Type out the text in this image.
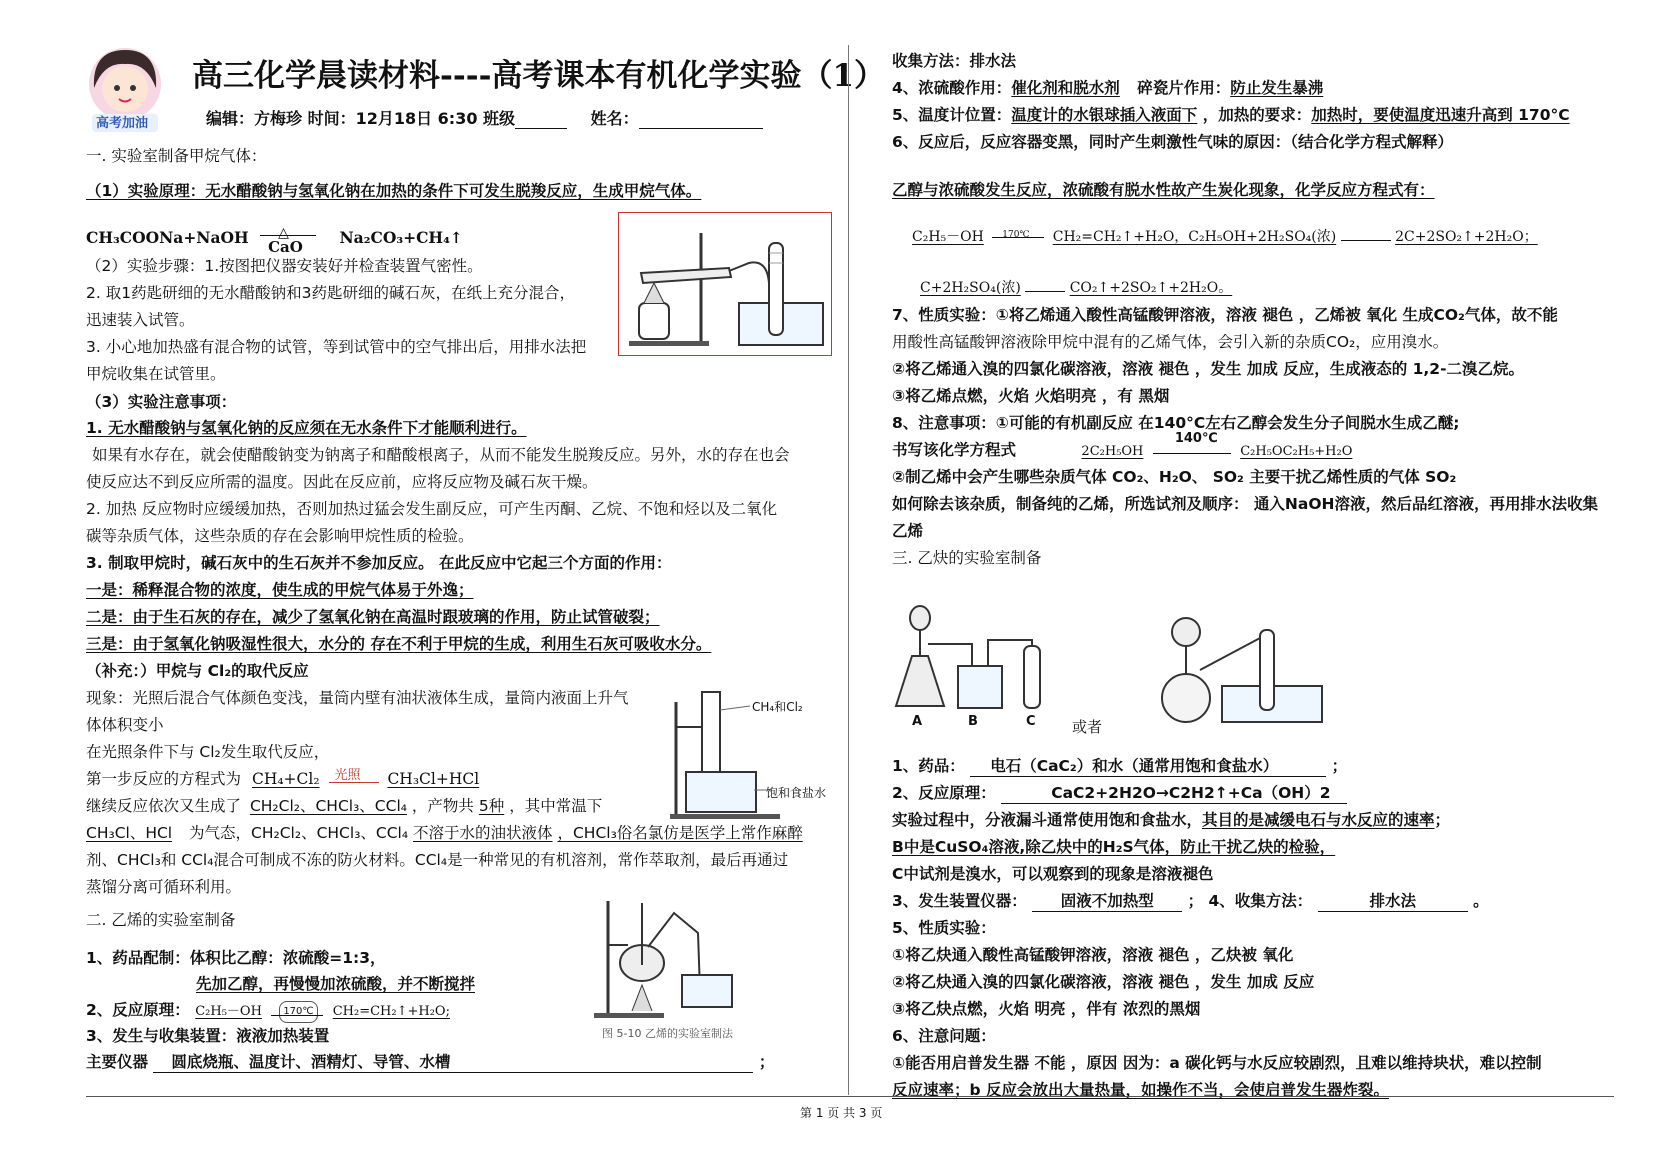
高考加油
高三化学晨读材料----高考课本有机化学实验（1）
编辑：方梅珍 时间：12月18日 6:30 班级	姓名：
一. 实验室制备甲烷气体：
（1）实验原理：无水醋酸钠与氢氧化钠在加热的条件下可发生脱羧反应，生成甲烷气体。
CH₃COONa+NaOH △
CaO Na₂CO₃+CH₄↑
（2）实验步骤：1.按图把仪器安装好并检查装置气密性。
2. 取1药匙研细的无水醋酸钠和3药匙研细的碱石灰，在纸上充分混合，
迅速装入试管。
3. 小心地加热盛有混合物的试管，等到试管中的空气排出后，用排水法把
甲烷收集在试管里。
（3）实验注意事项：
1. 无水醋酸钠与氢氧化钠的反应须在无水条件下才能顺利进行。
如果有水存在，就会使醋酸钠变为钠离子和醋酸根离子，从而不能发生脱羧反应。另外，水的存在也会
使反应达不到反应所需的温度。因此在反应前，应将反应物及碱石灰干燥。
2. 加热 反应物时应缓缓加热，否则加热过猛会发生副反应，可产生丙酮、乙烷、不饱和烃以及二氧化
碳等杂质气体，这些杂质的存在会影响甲烷性质的检验。
3. 制取甲烷时，碱石灰中的生石灰并不参加反应。 在此反应中它起三个方面的作用：
一是：稀释混合物的浓度，使生成的甲烷气体易于外逸；
二是：由于生石灰的存在，减少了氢氧化钠在高温时跟玻璃的作用，防止试管破裂；
三是：由于氢氧化钠吸湿性很大，水分的 存在不利于甲烷的生成，利用生石灰可吸收水分。
（补充：）甲烷与 Cl₂的取代反应
现象：光照后混合气体颜色变浅，量筒内壁有油状液体生成，量筒内液面上升气
体体积变小
在光照条件下与 Cl₂发生取代反应，
第一步反应的方程式为 CH₄+Cl₂ 光照 CH₃Cl+HCl
继续反应依次又生成了 CH₂Cl₂、CHCl₃、CCl₄ ，产物共 5种 ，其中常温下
CH₃Cl、HCl 为气态，CH₂Cl₂、CHCl₃、CCl₄ 不溶于水的油状液体 ，CHCl₃俗名氯仿是医学上常作麻醉
剂、CHCl₃和 CCl₄混合可制成不冻的防火材料。CCl₄是一种常见的有机溶剂，常作萃取剂，最后再通过
蒸馏分离可循环利用。
CH₄和Cl₂
饱和食盐水
二. 乙烯的实验室制备
1、药品配制：体积比乙醇：浓硫酸=1:3，
先加乙醇，再慢慢加浓硫酸，并不断搅拌
2、反应原理： C₂H₅－OH	170℃	CH₂=CH₂↑+H₂O;
3、发生与收集装置：液液加热装置
主要仪器 圆底烧瓶、温度计、酒精灯、导管、水槽	；
图 5-10 乙烯的实验室制法
收集方法：排水法
4、浓硫酸作用：催化剂和脱水剂 碎瓷片作用：防止发生暴沸
5、温度计位置：温度计的水银球插入液面下 ，加热的要求：加热时，要使温度迅速升高到 170°C
6、反应后，反应容器变黑，同时产生刺激性气味的原因：（结合化学方程式解释）
乙醇与浓硫酸发生反应，浓硫酸有脱水性故产生炭化现象，化学反应方程式有：
C₂H₅－OH 170℃ CH₂=CH₂↑+H₂O，C₂H₅OH+2H₂SO₄(浓)	2C+2SO₂↑+2H₂O；
C+2H₂SO₄(浓)	CO₂↑+2SO₂↑+2H₂O。
7、性质实验：①将乙烯通入酸性高锰酸钾溶液，溶液 褪色 ，乙烯被 氧化 生成CO₂气体，故不能
用酸性高锰酸钾溶液除甲烷中混有的乙烯气体，会引入新的杂质CO₂，应用溴水。
②将乙烯通入溴的四氯化碳溶液，溶液 褪色 ，发生 加成 反应，生成液态的 1,2-二溴乙烷。
③将乙烯点燃，火焰 火焰明亮 ，有 黑烟
8、注意事项：①可能的有机副反应 在140°C左右乙醇会发生分子间脱水生成乙醚;
书写该化学方程式	2C₂H₅OH
140℃
C₂H₅OC₂H₅+H₂O
②制乙烯中会产生哪些杂质气体 CO₂、H₂O、 SO₂ 主要干扰乙烯性质的气体 SO₂
如何除去该杂质，制备纯的乙烯，所选试剂及顺序： 通入NaOH溶液，然后品红溶液，再用排水法收集
乙烯
三. 乙炔的实验室制备
A	B	C 或者
1、药品： 电石（CaC₂）和水（通常用饱和食盐水）	；
2、反应原理：	CaC2+2H2O→C2H2↑+Ca（OH）2
实验过程中，分液漏斗通常使用饱和食盐水，其目的是减缓电石与水反应的速率；
B中是CuSO₄溶液,除乙炔中的H₂S气体，防止干扰乙炔的检验，
C中试剂是溴水，可以观察到的现象是溶液褪色
3、发生装置仪器： 固液不加热型 ； 4、收集方法：	排水法	。
5、性质实验：
①将乙炔通入酸性高锰酸钾溶液，溶液 褪色 ，乙炔被 氧化
②将乙炔通入溴的四氯化碳溶液，溶液 褪色 ，发生 加成 反应
③将乙炔点燃，火焰 明亮 ，伴有 浓烈的黑烟
6、注意问题：
①能否用启普发生器 不能 ，原因 因为：a 碳化钙与水反应较剧烈，且难以维持块状，难以控制
反应速率；b 反应会放出大量热量，如操作不当，会使启普发生器炸裂。
第 1 页 共 3 页
